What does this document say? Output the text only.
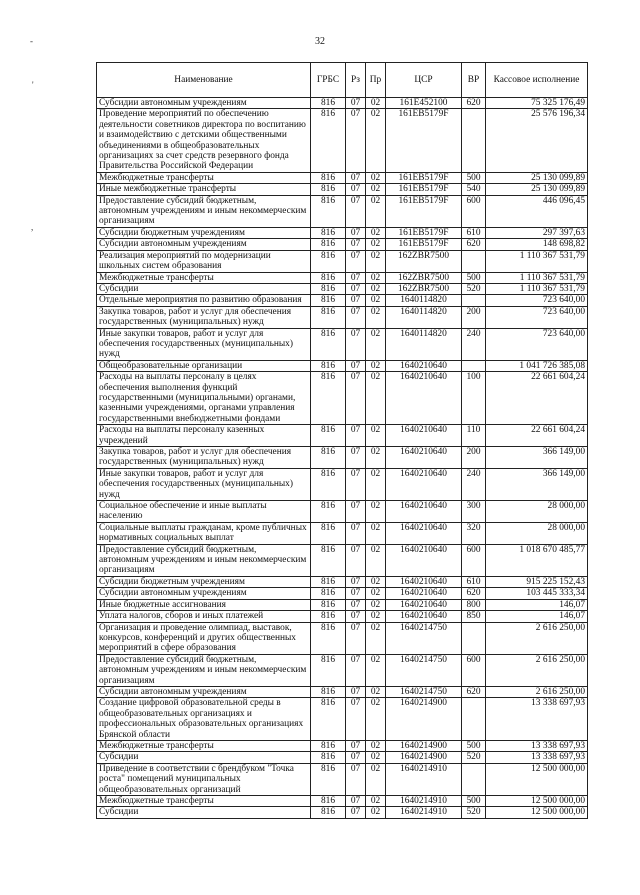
32
-
'
,
Наименование	ГРБС	Рз	Пр	ЦСР	ВР	Кассовое исполнение
Субсидии автономным учреждениям	816	07	02	161E452100	620	75 325 176,49
Проведение мероприятий по обеспечению деятельности советников директора по воспитанию и взаимодействию с детскими общественными объединениями в общеобразовательных организациях за счет средств резервного фонда Правительства Российской Федерации	816	07	02	161EB5179F		25 576 196,34
Межбюджетные трансферты	816	07	02	161EB5179F	500	25 130 099,89
Иные межбюджетные трансферты	816	07	02	161EB5179F	540	25 130 099,89
Предоставление субсидий бюджетным, автономным учреждениям и иным некоммерческим организациям	816	07	02	161EB5179F	600	446 096,45
Субсидии бюджетным учреждениям	816	07	02	161EB5179F	610	297 397,63
Субсидии автономным учреждениям	816	07	02	161EB5179F	620	148 698,82
Реализация мероприятий по модернизации школьных систем образования	816	07	02	162ZBR7500		1 110 367 531,79
Межбюджетные трансферты	816	07	02	162ZBR7500	500	1 110 367 531,79
Субсидии	816	07	02	162ZBR7500	520	1 110 367 531,79
Отдельные мероприятия по развитию образования	816	07	02	1640114820		723 640,00
Закупка товаров, работ и услуг для обеспечения государственных (муниципальных) нужд	816	07	02	1640114820	200	723 640,00
Иные закупки товаров, работ и услуг для обеспечения государственных (муниципальных) нужд	816	07	02	1640114820	240	723 640,00
Общеобразовательные организации	816	07	02	1640210640		1 041 726 385,08
Расходы на выплаты персоналу в целях обеспечения выполнения функций государственными (муниципальными) органами, казенными учреждениями, органами управления государственными внебюджетными фондами	816	07	02	1640210640	100	22 661 604,24
Расходы на выплаты персоналу казенных учреждений	816	07	02	1640210640	110	22 661 604,24
Закупка товаров, работ и услуг для обеспечения государственных (муниципальных) нужд	816	07	02	1640210640	200	366 149,00
Иные закупки товаров, работ и услуг для обеспечения государственных (муниципальных) нужд	816	07	02	1640210640	240	366 149,00
Социальное обеспечение и иные выплаты населению	816	07	02	1640210640	300	28 000,00
Социальные выплаты гражданам, кроме публичных нормативных социальных выплат	816	07	02	1640210640	320	28 000,00
Предоставление субсидий бюджетным, автономным учреждениям и иным некоммерческим организациям	816	07	02	1640210640	600	1 018 670 485,77
Субсидии бюджетным учреждениям	816	07	02	1640210640	610	915 225 152,43
Субсидии автономным учреждениям	816	07	02	1640210640	620	103 445 333,34
Иные бюджетные ассигнования	816	07	02	1640210640	800	146,07
Уплата налогов, сборов и иных платежей	816	07	02	1640210640	850	146,07
Организация и проведение олимпиад, выставок, конкурсов, конференций и других общественных мероприятий в сфере образования	816	07	02	1640214750		2 616 250,00
Предоставление субсидий бюджетным, автономным учреждениям и иным некоммерческим организациям	816	07	02	1640214750	600	2 616 250,00
Субсидии автономным учреждениям	816	07	02	1640214750	620	2 616 250,00
Создание цифровой образовательной среды в общеобразовательных организациях и профессиональных образовательных организациях Брянской области	816	07	02	1640214900		13 338 697,93
Межбюджетные трансферты	816	07	02	1640214900	500	13 338 697,93
Субсидии	816	07	02	1640214900	520	13 338 697,93
Приведение в соответствии с брендбуком "Точка роста" помещений муниципальных общеобразовательных организаций	816	07	02	1640214910		12 500 000,00
Межбюджетные трансферты	816	07	02	1640214910	500	12 500 000,00
Субсидии	816	07	02	1640214910	520	12 500 000,00
